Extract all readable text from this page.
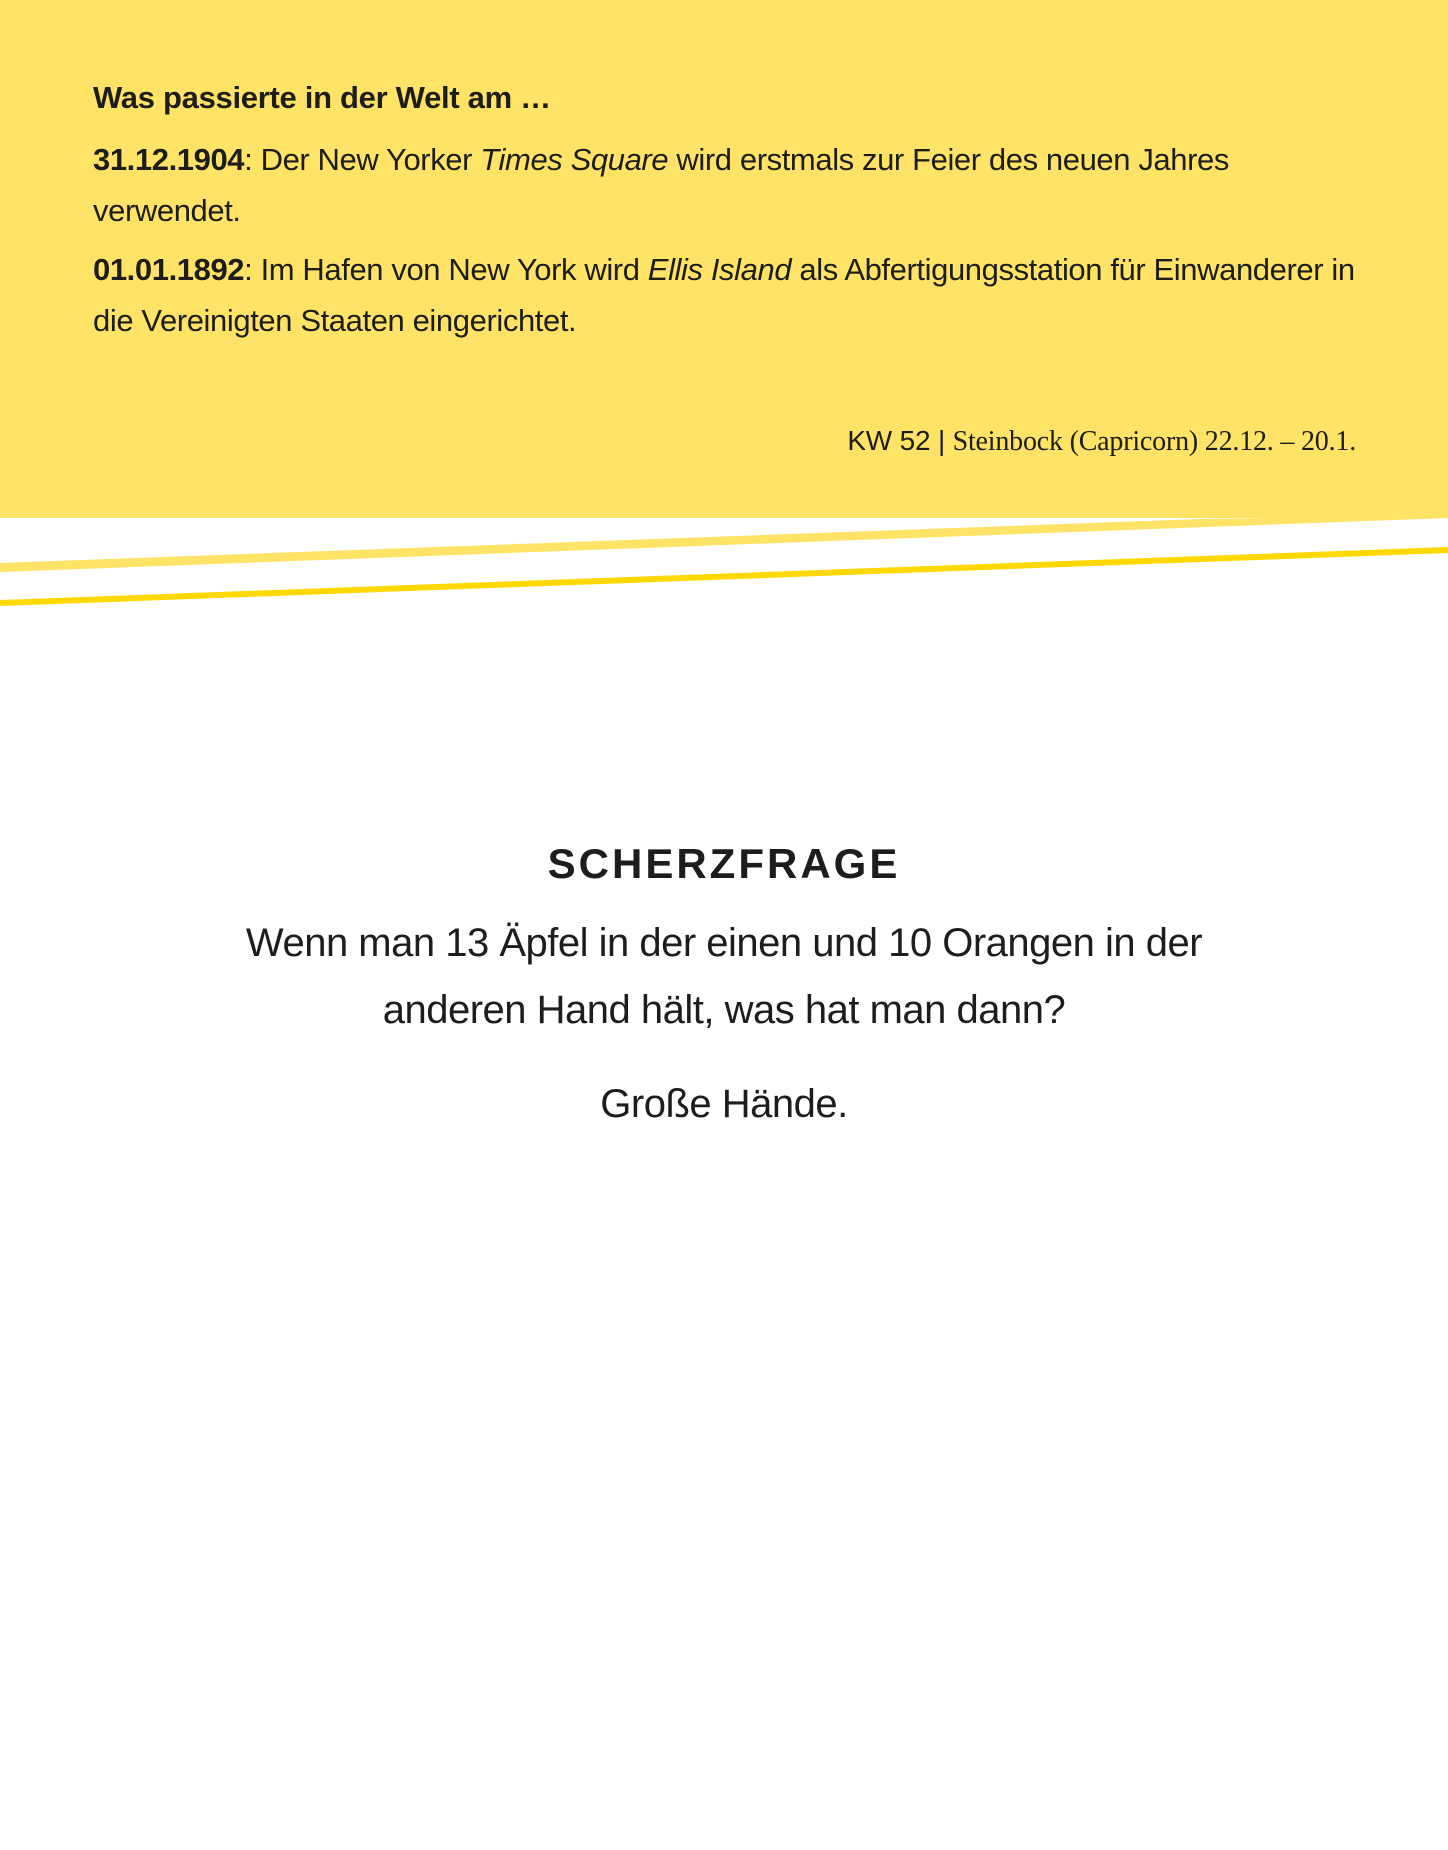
Was passierte in der Welt am …

31.12.1904: Der New Yorker Times Square wird erstmals zur Feier des neuen Jahres verwendet.

01.01.1892: Im Hafen von New York wird Ellis Island als Abfertigungsstation für Einwanderer in die Vereinigten Staaten eingerichtet.

KW 52 | Steinbock (Capricorn) 22.12. – 20.1.
SCHERZFRAGE

Wenn man 13 Äpfel in der einen und 10 Orangen in der anderen Hand hält, was hat man dann?

Große Hände.
